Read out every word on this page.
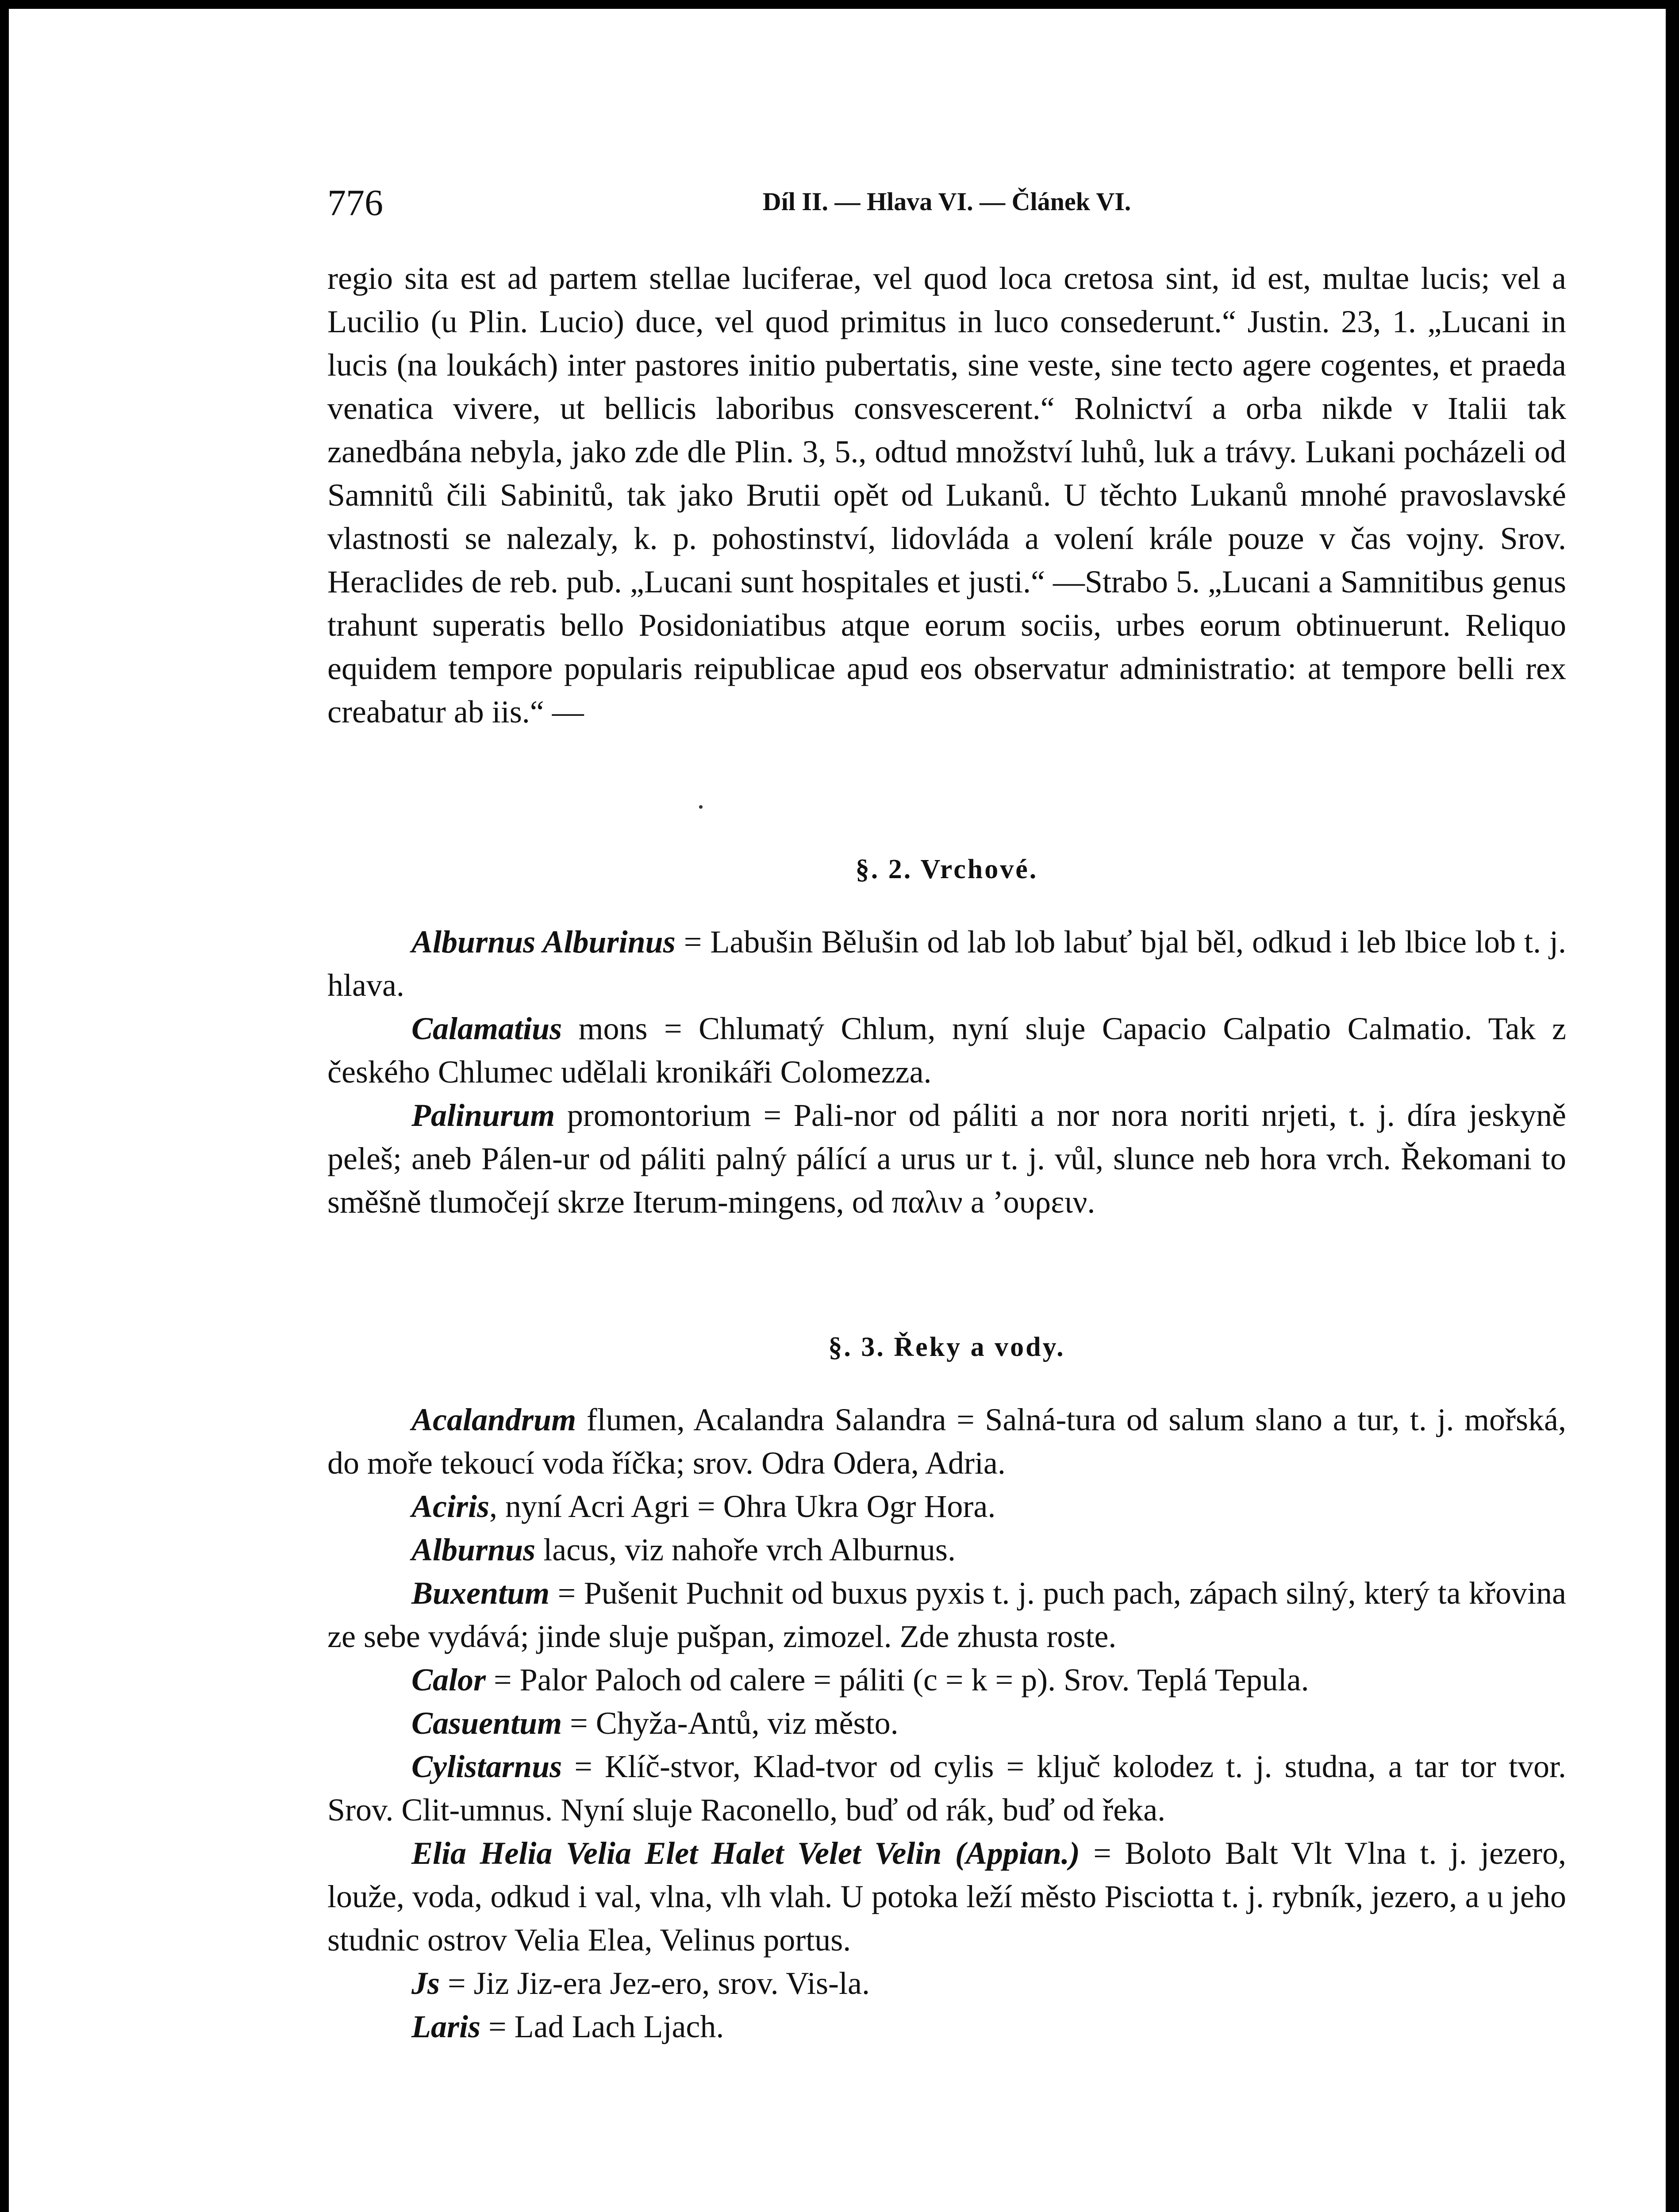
776	Díl II. — Hlava VI. — Článek VI.

regio sita est ad partem stellae luciferae, vel quod loca cretosa sint, id est, multae lucis; vel a Lucilio (u Plin. Lucio) duce, vel quod primitus in luco consederunt.“ Justin. 23, 1. „Lucani in lucis (na loukách) inter pastores initio pubertatis, sine veste, sine tecto agere cogentes, et praeda venatica vivere, ut bellicis laboribus consvescerent.“ Rolnictví a orba nikde v Italii tak zanedbána nebyla, jako zde dle Plin. 3, 5., odtud množství luhů, luk a trávy. Lukani pocházeli od Samnitů čili Sabinitů, tak jako Brutii opět od Lukanů. U těchto Lukanů mnohé pravoslavské vlastnosti se nalezaly, k. p. pohostinství, lidovláda a volení krále pouze v čas vojny. Srov. Heraclides de reb. pub. „Lucani sunt hospitales et justi.“ —Strabo 5. „Lucani a Samnitibus genus trahunt superatis bello Posidoniatibus atque eorum sociis, urbes eorum obtinuerunt. Reliquo equidem tempore popularis reipublicae apud eos observatur administratio: at tempore belli rex creabatur ab iis.“ —

§. 2. Vrchové.

Alburnus Alburinus = Labušin Bělušin od lab lob labuť bjal běl, odkud i leb lbice lob t. j. hlava.

Calamatius mons = Chlumatý Chlum, nyní sluje Capacio Calpatio Calmatio. Tak z českého Chlumec udělali kronikáři Colomezza.

Palinurum promontorium = Pali-nor od páliti a nor nora noriti nrjeti, t. j. díra jeskyně peleš; aneb Pálen-ur od páliti palný pálící a urus ur t. j. vůl, slunce neb hora vrch. Řekomani to směšně tlumočejí skrze Iterum-mingens, od παλιν a ’ουρειν.

§. 3. Řeky a vody.

Acalandrum flumen, Acalandra Salandra = Salná-tura od salum slano a tur, t. j. mořská, do moře tekoucí voda říčka; srov. Odra Odera, Adria.

Aciris, nyní Acri Agri = Ohra Ukra Ogr Hora.

Alburnus lacus, viz nahoře vrch Alburnus.

Buxentum = Pušenit Puchnit od buxus pyxis t. j. puch pach, zápach silný, který ta křovina ze sebe vydává; jinde sluje pušpan, zimozel. Zde zhusta roste.

Calor = Palor Paloch od calere = páliti (c = k = p). Srov. Teplá Tepula.

Casuentum = Chyža-Antů, viz město.

Cylistarnus = Klíč-stvor, Klad-tvor od cylis = ključ kolodez t. j. studna, a tar tor tvor. Srov. Clit-umnus. Nyní sluje Raconello, buď od rák, buď od řeka.

Elia Helia Velia Elet Halet Velet Velin (Appian.) = Boloto Balt Vlt Vlna t. j. jezero, louže, voda, odkud i val, vlna, vlh vlah. U potoka leží město Pisciotta t. j. rybník, jezero, a u jeho studnic ostrov Velia Elea, Velinus portus.

Js = Jiz Jiz-era Jez-ero, srov. Vis-la.

Laris = Lad Lach Ljach.
